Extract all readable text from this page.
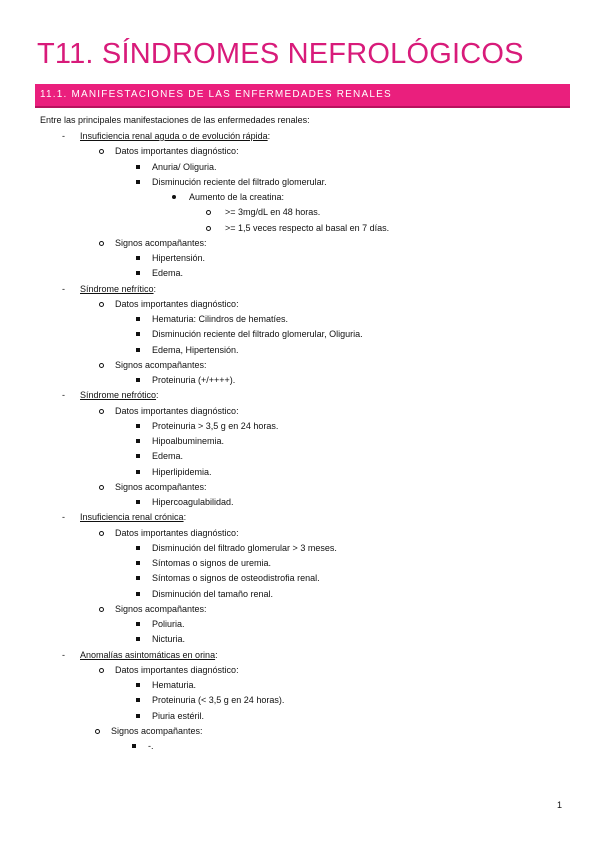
T11. SÍNDROMES NEFROLÓGICOS
11.1. MANIFESTACIONES DE LAS ENFERMEDADES RENALES
Entre las principales manifestaciones de las enfermedades renales:
- Insuficiencia renal aguda o de evolución rápida:
Datos importantes diagnóstico:
Anuria/ Oliguria.
Disminución reciente del filtrado glomerular.
Aumento de la creatina:
>= 3mg/dL en 48 horas.
>= 1,5 veces respecto al basal en 7 días.
Signos acompañantes:
Hipertensión.
Edema.
- Síndrome nefrítico:
Datos importantes diagnóstico:
Hematuria: Cilindros de hematíes.
Disminución reciente del filtrado glomerular, Oliguria.
Edema, Hipertensión.
Signos acompañantes:
Proteinuria (+/++++).
- Síndrome nefrótico:
Datos importantes diagnóstico:
Proteinuria > 3,5 g en 24 horas.
Hipoalbuminemia.
Edema.
Hiperlipidemia.
Signos acompañantes:
Hipercoagulabilidad.
- Insuficiencia renal crónica:
Datos importantes diagnóstico:
Disminución del filtrado glomerular > 3 meses.
Síntomas o signos de uremia.
Síntomas o signos de osteodistrofia renal.
Disminución del tamaño renal.
Signos acompañantes:
Poliuria.
Nicturia.
- Anomalías asintomáticas en orina:
Datos importantes diagnóstico:
Hematuria.
Proteinuria (< 3,5 g en 24 horas).
Piuria estéril.
Signos acompañantes:
-.
1
